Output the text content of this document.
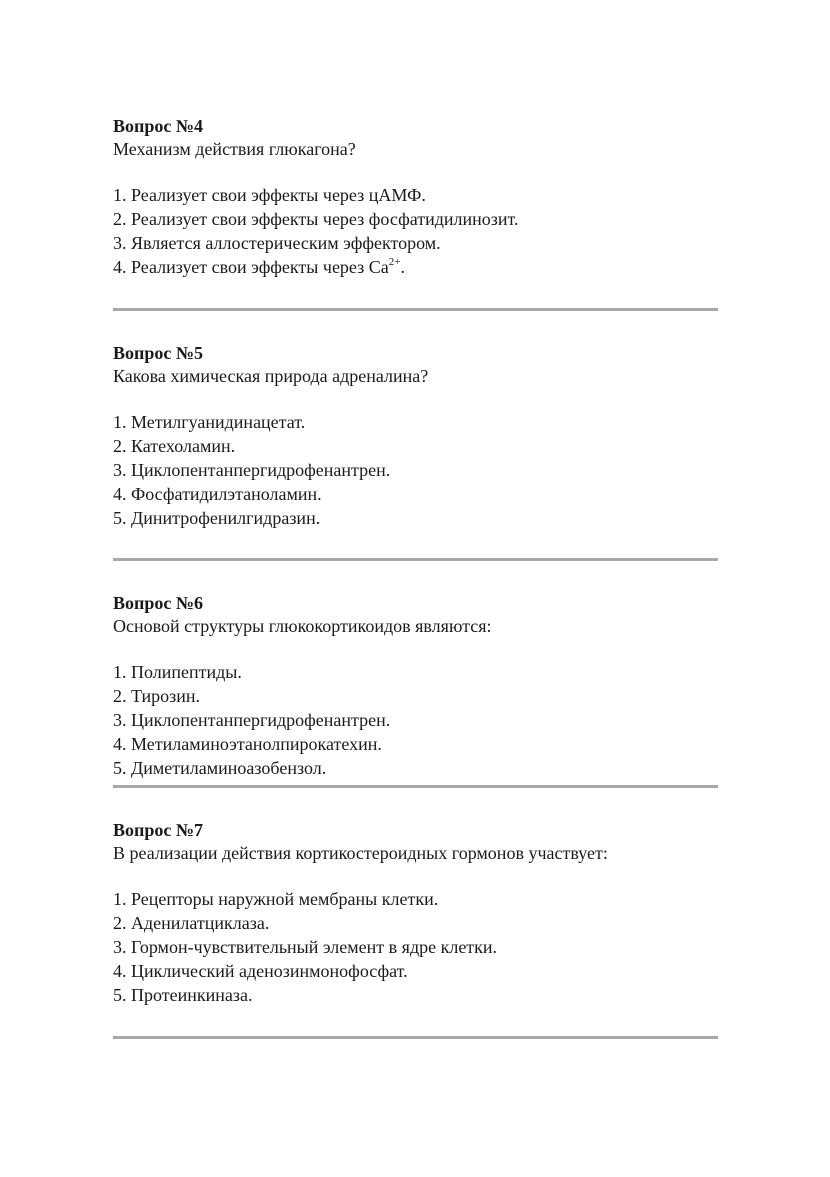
Вопрос №4

Механизм действия глюкагона?

1. Реализует свои эффекты через цАМФ.
2. Реализует свои эффекты через фосфатидилинозит.
3. Является аллостерическим эффектором.
4. Реализует свои эффекты через $Ca^{2+}$.

Вопрос №5

Какова химическая природа адреналина?

1. Метилгуанидинацетат.
2. Катехоламин.
3. Циклопентанпергидрофенантрен.
4. Фосфатидилэтаноламин.
5. Динитрофенилгидразин.

Вопрос №6

Основой структуры глюкокортикоидов являются:

1. Полипептиды.
2. Тирозин.
3. Циклопентанпергидрофенантрен.
4. Метиламиноэтанолпирокатехин.
5. Диметиламиноазобензол.

Вопрос №7

В реализации действия кортикостероидных гормонов участвует:

1. Рецепторы наружной мембраны клетки.
2. Аденилатциклаза.
3. Гормон-чувствительный элемент в ядре клетки.
4. Циклический аденозинмонофосфат.
5. Протеинкиназа.
